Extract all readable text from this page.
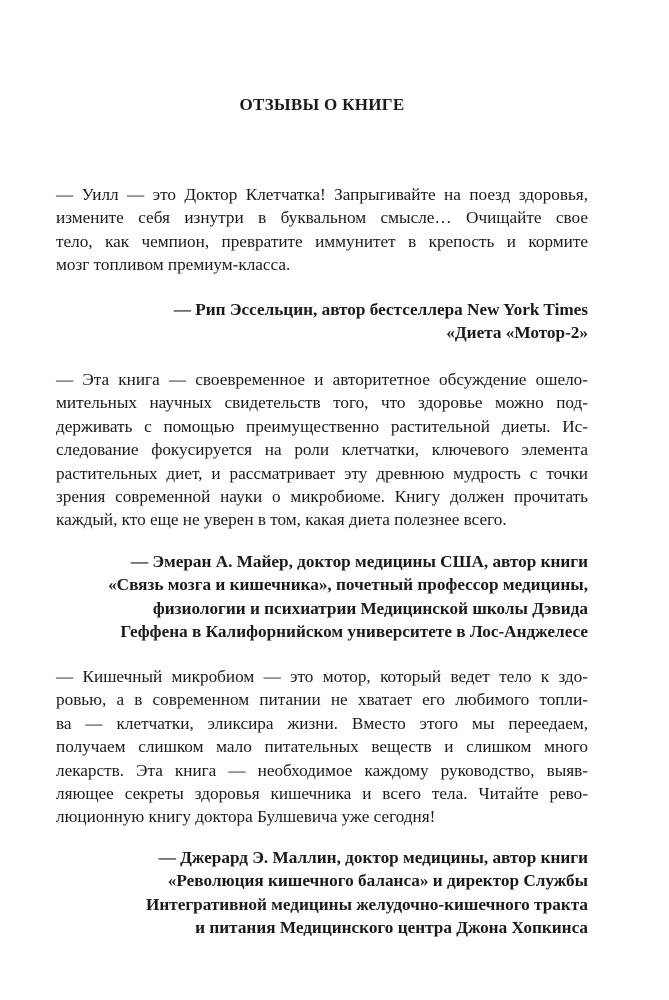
ОТЗЫВЫ О КНИГЕ
— Уилл — это Доктор Клетчатка! Запрыгивайте на поезд здоровья,
измените себя изнутри в буквальном смысле… Очищайте свое
тело, как чемпион, превратите иммунитет в крепость и кормите
мозг топливом премиум-класса.
— Рип Эссельцин, автор бестселлера New York Times
«Диета «Мотор-2»
— Эта книга — своевременное и авторитетное обсуждение ошело-
мительных научных свидетельств того, что здоровье можно под-
держивать с помощью преимущественно растительной диеты. Ис-
следование фокусируется на роли клетчатки, ключевого элемента
растительных диет, и рассматривает эту древнюю мудрость с точки
зрения современной науки о микробиоме. Книгу должен прочитать
каждый, кто еще не уверен в том, какая диета полезнее всего.
— Эмеран А. Майер, доктор медицины США, автор книги
«Связь мозга и кишечника», почетный профессор медицины,
физиологии и психиатрии Медицинской школы Дэвида
Геффена в Калифорнийском университете в Лос-Анджелесе
— Кишечный микробиом — это мотор, который ведет тело к здо-
ровью, а в современном питании не хватает его любимого топли-
ва — клетчатки, эликсира жизни. Вместо этого мы переедаем,
получаем слишком мало питательных веществ и слишком много
лекарств. Эта книга — необходимое каждому руководство, выяв-
ляющее секреты здоровья кишечника и всего тела. Читайте рево-
люционную книгу доктора Булшевича уже сегодня!
— Джерард Э. Маллин, доктор медицины, автор книги
«Революция кишечного баланса» и директор Службы
Интегративной медицины желудочно-кишечного тракта
и питания Медицинского центра Джона Хопкинса
